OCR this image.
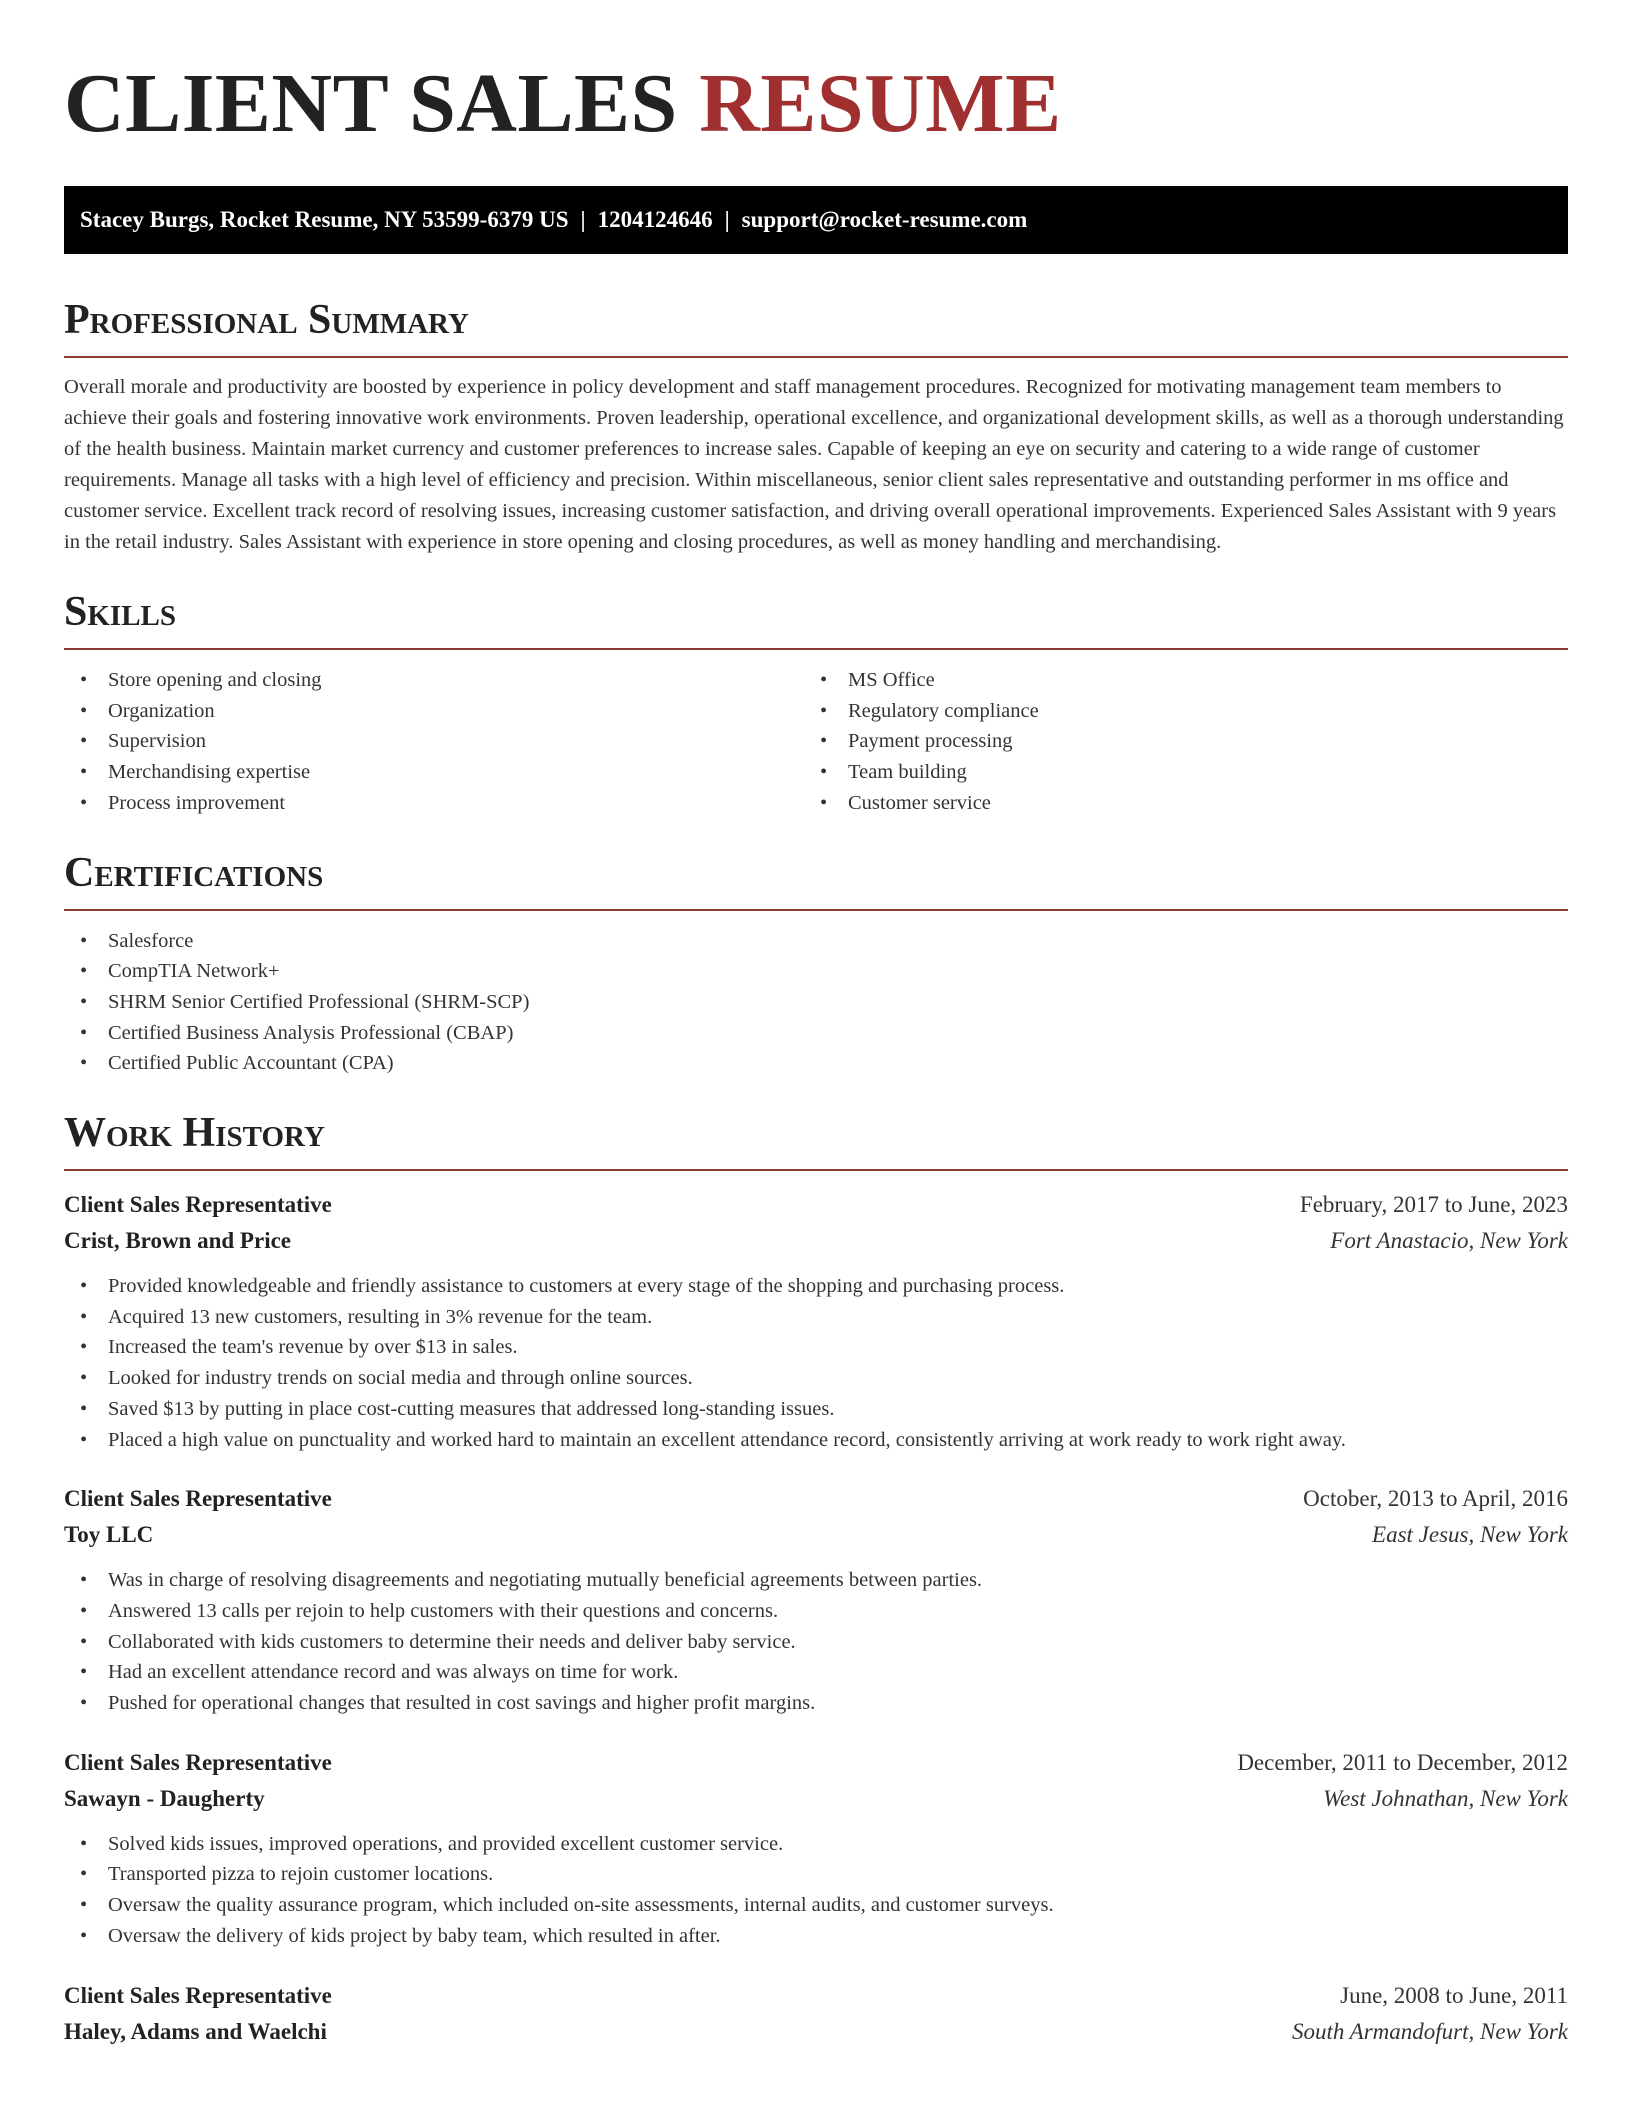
CLIENT SALES RESUME
Stacey Burgs, Rocket Resume, NY 53599-6379 US | 1204124646 | support@rocket-resume.com
Professional Summary

Overall morale and productivity are boosted by experience in policy development and staff management procedures. Recognized for motivating management team members to achieve their goals and fostering innovative work environments. Proven leadership, operational excellence, and organizational development skills, as well as a thorough understanding of the health business. Maintain market currency and customer preferences to increase sales. Capable of keeping an eye on security and catering to a wide range of customer requirements. Manage all tasks with a high level of efficiency and precision. Within miscellaneous, senior client sales representative and outstanding performer in ms office and customer service. Excellent track record of resolving issues, increasing customer satisfaction, and driving overall operational improvements. Experienced Sales Assistant with 9 years in the retail industry. Sales Assistant with experience in store opening and closing procedures, as well as money handling and merchandising.

Skills
• Store opening and closing
• Organization
• Supervision
• Merchandising expertise
• Process improvement
• MS Office
• Regulatory compliance
• Payment processing
• Team building
• Customer service
Certifications
• Salesforce
• CompTIA Network+
• SHRM Senior Certified Professional (SHRM-SCP)
• Certified Business Analysis Professional (CBAP)
• Certified Public Accountant (CPA)
Work History
Client Sales Representative	February, 2017 to June, 2023
Crist, Brown and Price	Fort Anastacio, New York
• Provided knowledgeable and friendly assistance to customers at every stage of the shopping and purchasing process.
• Acquired 13 new customers, resulting in 3% revenue for the team.
• Increased the team's revenue by over $13 in sales.
• Looked for industry trends on social media and through online sources.
• Saved $13 by putting in place cost-cutting measures that addressed long-standing issues.
• Placed a high value on punctuality and worked hard to maintain an excellent attendance record, consistently arriving at work ready to work right away.
Client Sales Representative	October, 2013 to April, 2016
Toy LLC	East Jesus, New York
• Was in charge of resolving disagreements and negotiating mutually beneficial agreements between parties.
• Answered 13 calls per rejoin to help customers with their questions and concerns.
• Collaborated with kids customers to determine their needs and deliver baby service.
• Had an excellent attendance record and was always on time for work.
• Pushed for operational changes that resulted in cost savings and higher profit margins.
Client Sales Representative	December, 2011 to December, 2012
Sawayn - Daugherty	West Johnathan, New York
• Solved kids issues, improved operations, and provided excellent customer service.
• Transported pizza to rejoin customer locations.
• Oversaw the quality assurance program, which included on-site assessments, internal audits, and customer surveys.
• Oversaw the delivery of kids project by baby team, which resulted in after.
Client Sales Representative	June, 2008 to June, 2011
Haley, Adams and Waelchi	South Armandofurt, New York
